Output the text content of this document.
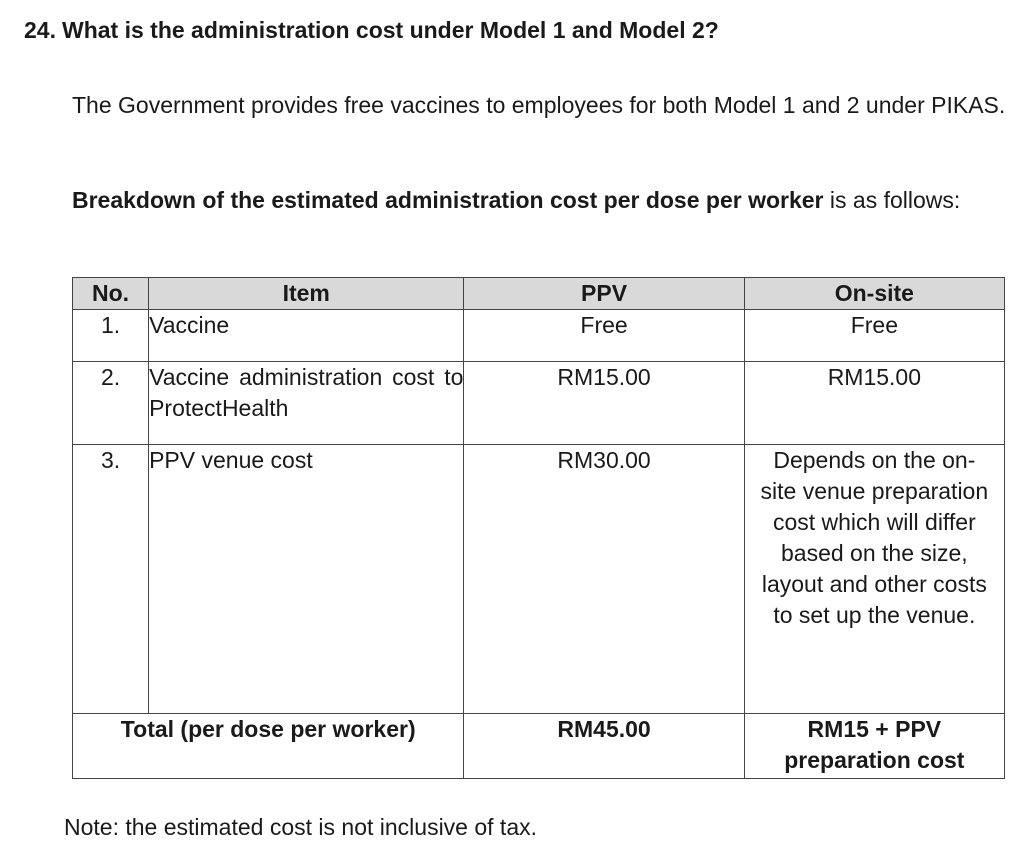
24. What is the administration cost under Model 1 and Model 2?
The Government provides free vaccines to employees for both Model 1 and 2 under PIKAS.
Breakdown of the estimated administration cost per dose per worker is as follows:
No.	Item	PPV	On-site
1.	Vaccine	Free	Free
2.	Vaccine administration cost to ProtectHealth	RM15.00	RM15.00
3.	PPV venue cost	RM30.00	Depends on the on-site venue preparation cost which will differ based on the size, layout and other costs to set up the venue.
Total (per dose per worker)		RM45.00	RM15 + PPV preparation cost
Note: the estimated cost is not inclusive of tax.
